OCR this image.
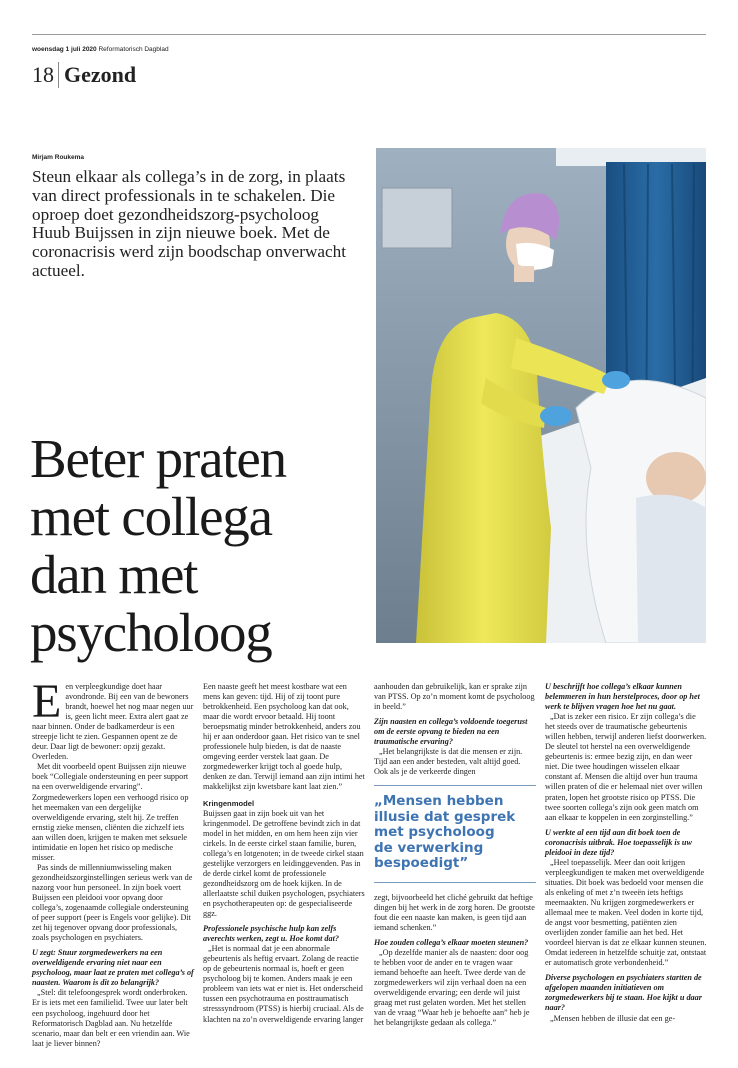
woensdag 1 juli 2020 Reformatorisch Dagblad
18 Gezond
Mirjam Roukema
Steun elkaar als collega’s in de zorg, in plaats van direct professionals in te schakelen. Die oproep doet gezondheidszorg-psycholoog Huub Buijssen in zijn nieuwe boek. Met de coronacrisis werd zijn boodschap onverwacht actueel.
Beter praten
met collega
dan met
psycholoog

Een verpleegkundige doet haar avondronde. Bij een van de bewoners brandt, hoewel het nog maar negen uur is, geen licht meer. Extra alert gaat ze naar binnen. Onder de badkamerdeur is een streepje licht te zien. Gespannen opent ze de deur. Daar ligt de bewoner: opzij gezakt. Overleden.

Met dit voorbeeld opent Buijssen zijn nieuwe boek “Collegiale ondersteuning en peer support na een overweldigende ervaring”. Zorgmedewerkers lopen een verhoogd risico op het meemaken van een dergelijke overweldigende ervaring, stelt hij. Ze treffen ernstig zieke mensen, cliënten die zichzelf iets aan willen doen, krijgen te maken met seksuele intimidatie en lopen het risico op medische misser.

Pas sinds de millenniumwisseling maken gezondheidszorginstellingen serieus werk van de nazorg voor hun personeel. In zijn boek voert Buijssen een pleidooi voor opvang door collega’s, zogenaamde collegiale ondersteuning of peer support (peer is Engels voor gelijke). Dit zet hij tegenover opvang door professionals, zoals psychologen en psychiaters.

U zegt: Stuur zorgmedewerkers na een overweldigende ervaring niet naar een psycholoog, maar laat ze praten met collega’s of naasten. Waarom is dit zo belangrijk?

„Stel: dit telefoongesprek wordt onderbroken. Er is iets met een familielid. Twee uur later belt een psycholoog, ingehuurd door het Reformatorisch Dagblad aan. Nu hetzelfde scenario, maar dan belt er een vriendin aan. Wie laat je liever binnen?

Een naaste geeft het meest kostbare wat een mens kan geven: tijd. Hij of zij toont pure betrokkenheid. Een psycholoog kan dat ook, maar die wordt ervoor betaald. Hij toont beroepsmatig minder betrokkenheid, anders zou hij er aan onderdoor gaan. Het risico van te snel professionele hulp bieden, is dat de naaste omgeving eerder verstek laat gaan. De zorgmedewerker krijgt toch al goede hulp, denken ze dan. Terwijl iemand aan zijn intimi het makkelijkst zijn kwetsbare kant laat zien.”

Kringenmodel

Buijssen gaat in zijn boek uit van het kringenmodel. De getroffene bevindt zich in dat model in het midden, en om hem heen zijn vier cirkels. In de eerste cirkel staan familie, buren, collega’s en lotgenoten; in de tweede cirkel staan gestelijke verzorgers en leidinggevenden. Pas in de derde cirkel komt de professionele gezondheidszorg om de hoek kijken. In de allerlaatste schil duiken psychologen, psychiaters en psychotherapeuten op: de gespecialiseerde ggz.

Professionele psychische hulp kan zelfs averechts werken, zegt u. Hoe komt dat?

„Het is normaal dat je een abnormale gebeurtenis als heftig ervaart. Zolang de reactie op de gebeurtenis normaal is, hoeft er geen psycholoog bij te komen. Anders maak je een probleem van iets wat er niet is. Het onderscheid tussen een psychotrauma en posttraumatisch stresssyndroom (PTSS) is hierbij cruciaal. Als de klachten na zo’n overweldigende ervaring langer

aanhouden dan gebruikelijk, kan er sprake zijn van PTSS. Op zo’n moment komt de psycholoog in beeld.”

Zijn naasten en collega’s voldoende toegerust om de eerste opvang te bieden na een traumatische ervaring?

„Het belangrijkste is dat die mensen er zijn. Tijd aan een ander besteden, valt altijd goed. Ook als je de verkeerde dingen

„Mensen hebben
illusie dat gesprek
met psycholoog
de verwerking
bespoedigt”

zegt, bijvoorbeeld het cliché gebruikt dat heftige dingen bij het werk in de zorg horen. De grootste fout die een naaste kan maken, is geen tijd aan iemand schenken.”

Hoe zouden collega’s elkaar moeten steunen?

„Op dezelfde manier als de naasten: door oog te hebben voor de ander en te vragen waar iemand behoefte aan heeft. Twee derde van de zorgmedewerkers wil zijn verhaal doen na een overweldigende ervaring; een derde wil juist graag met rust gelaten worden. Met het stellen van de vraag “Waar heb je behoefte aan” heb je het belangrijkste gedaan als collega.”

U beschrijft hoe collega’s elkaar kunnen belemmeren in hun herstelproces, door op het werk te blijven vragen hoe het nu gaat.

„Dat is zeker een risico. Er zijn collega’s die het steeds over de traumatische gebeurtenis willen hebben, terwijl anderen liefst doorwerken. De sleutel tot herstel na een overweldigende gebeurtenis is: ermee bezig zijn, en dan weer niet. Die twee houdingen wisselen elkaar constant af. Mensen die altijd over hun trauma willen praten of die er helemaal niet over willen praten, lopen het grootste risico op PTSS. Die twee soorten collega’s zijn ook geen match om aan elkaar te koppelen in een zorginstelling.”

U werkte al een tijd aan dit boek toen de coronacrisis uitbrak. Hoe toepasselijk is uw pleidooi in deze tijd?

„Heel toepasselijk. Meer dan ooit krijgen verpleegkundigen te maken met overweldigende situaties. Dit boek was bedoeld voor mensen die als enkeling of met z’n tweeën iets heftigs meemaakten. Nu krijgen zorgmedewerkers er allemaal mee te maken. Veel doden in korte tijd, de angst voor besmetting, patiënten zien overlijden zonder familie aan het bed. Het voordeel hiervan is dat ze elkaar kunnen steunen. Omdat iedereen in hetzelfde schuitje zat, ontstaat er automatisch grote verbondenheid.”

Diverse psychologen en psychiaters startten de afgelopen maanden initiatieven om zorgmedewerkers bij te staan. Hoe kijkt u daar naar?

„Mensen hebben de illusie dat een ge-
